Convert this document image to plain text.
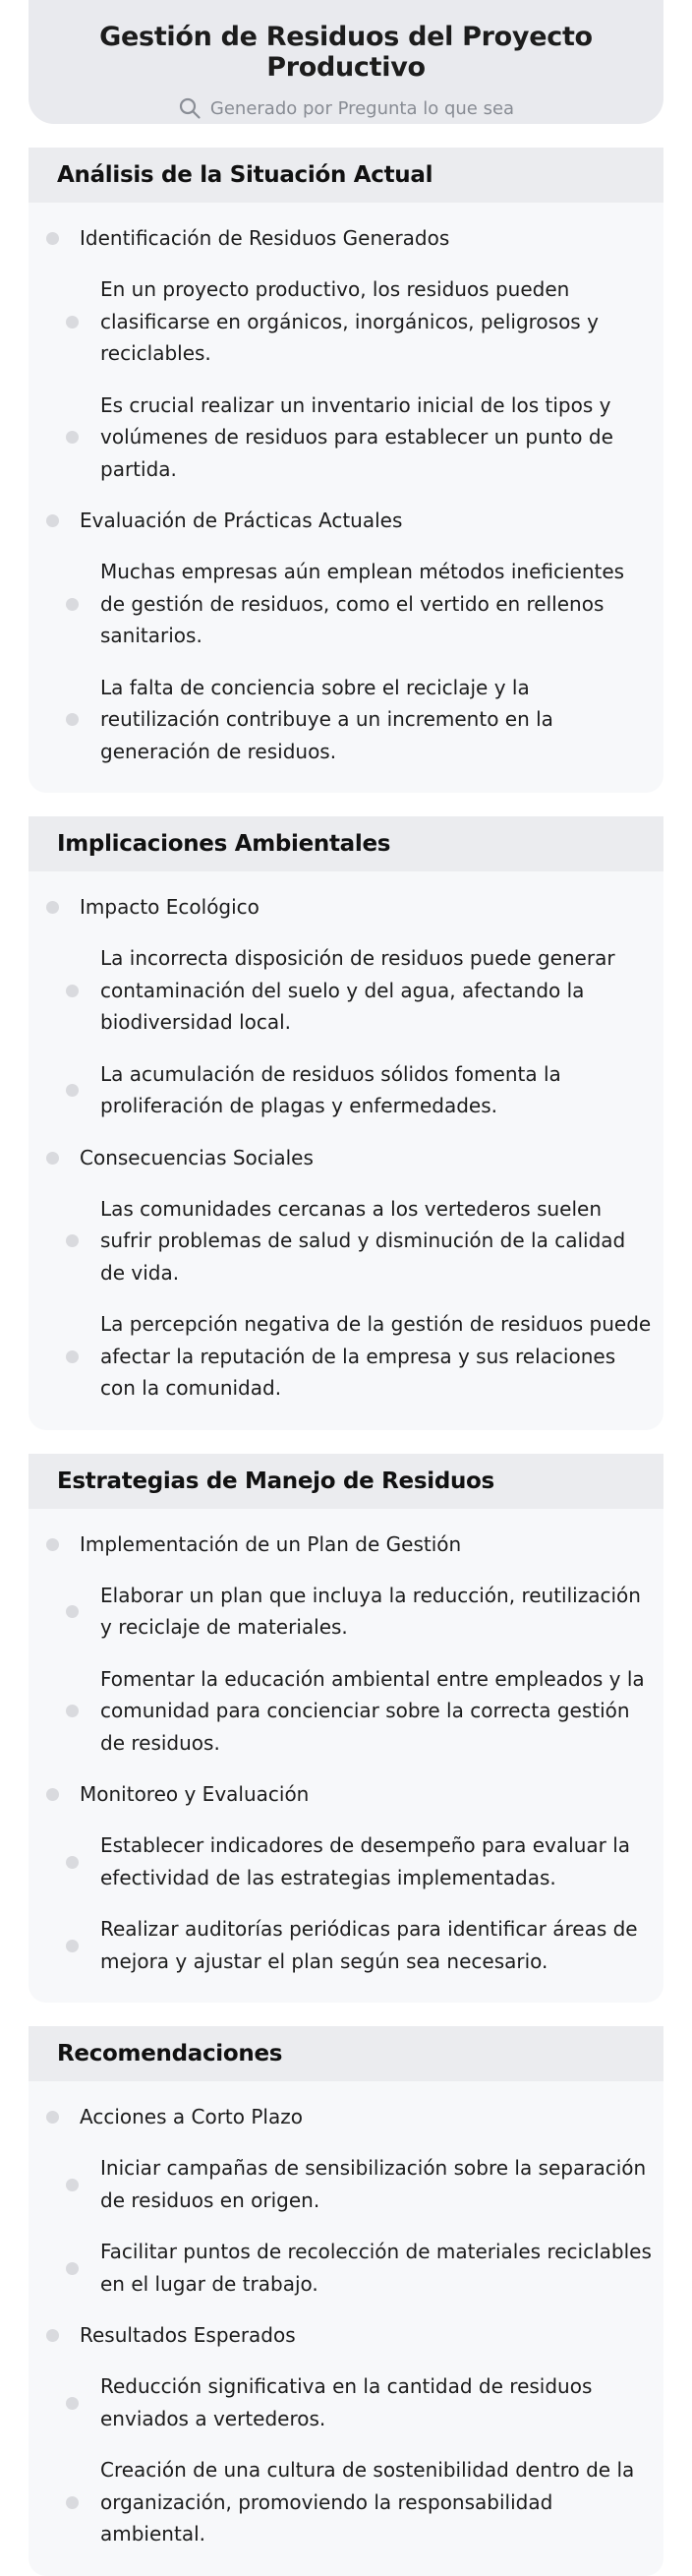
Gestión de Residuos del Proyecto Productivo
Generado por Pregunta lo que sea
Análisis de la Situación Actual
Identificación de Residuos Generados
En un proyecto productivo, los residuos pueden clasificarse en orgánicos, inorgánicos, peligrosos y reciclables.
Es crucial realizar un inventario inicial de los tipos y volúmenes de residuos para establecer un punto de partida.
Evaluación de Prácticas Actuales
Muchas empresas aún emplean métodos ineficientes de gestión de residuos, como el vertido en rellenos sanitarios.
La falta de conciencia sobre el reciclaje y la reutilización contribuye a un incremento en la generación de residuos.
Implicaciones Ambientales
Impacto Ecológico
La incorrecta disposición de residuos puede generar contaminación del suelo y del agua, afectando la biodiversidad local.
La acumulación de residuos sólidos fomenta la proliferación de plagas y enfermedades.
Consecuencias Sociales
Las comunidades cercanas a los vertederos suelen sufrir problemas de salud y disminución de la calidad de vida.
La percepción negativa de la gestión de residuos puede afectar la reputación de la empresa y sus relaciones con la comunidad.
Estrategias de Manejo de Residuos
Implementación de un Plan de Gestión
Elaborar un plan que incluya la reducción, reutilización y reciclaje de materiales.
Fomentar la educación ambiental entre empleados y la comunidad para concienciar sobre la correcta gestión de residuos.
Monitoreo y Evaluación
Establecer indicadores de desempeño para evaluar la efectividad de las estrategias implementadas.
Realizar auditorías periódicas para identificar áreas de mejora y ajustar el plan según sea necesario.
Recomendaciones
Acciones a Corto Plazo
Iniciar campañas de sensibilización sobre la separación de residuos en origen.
Facilitar puntos de recolección de materiales reciclables en el lugar de trabajo.
Resultados Esperados
Reducción significativa en la cantidad de residuos enviados a vertederos.
Creación de una cultura de sostenibilidad dentro de la organización, promoviendo la responsabilidad ambiental.
